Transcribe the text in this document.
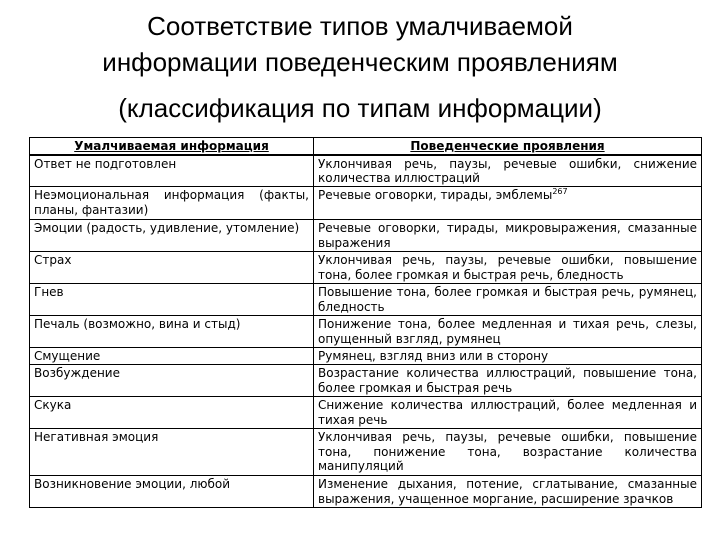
Соответствие типов умалчиваемой
информации поведенческим проявлениям
(классификация по типам информации)
Умалчиваемая информация	Поведенческие проявления
Ответ не подготовлен	Уклончивая речь, паузы, речевые ошибки, снижение количества иллюстраций
Неэмоциональная информация (факты, планы, фантазии)	Речевые оговорки, тирады, эмблемы$^{267}$
Эмоции (радость, удивление, утомление)	Речевые оговорки, тирады, микровыражения, смазанные выражения
Страх	Уклончивая речь, паузы, речевые ошибки, повышение тона, более громкая и быстрая речь, бледность
Гнев	Повышение тона, более громкая и быстрая речь, румянец, бледность
Печаль (возможно, вина и стыд)	Понижение тона, более медленная и тихая речь, слезы, опущенный взгляд, румянец
Смущение	Румянец, взгляд вниз или в сторону
Возбуждение	Возрастание количества иллюстраций, повышение тона, более громкая и быстрая речь
Скука	Снижение количества иллюстраций, более медленная и тихая речь
Негативная эмоция	Уклончивая речь, паузы, речевые ошибки, повышение тона, понижение тона, возрастание количества манипуляций
Возникновение эмоции, любой	Изменение дыхания, потение, сглатывание, смазанные выражения, учащенное моргание, расширение зрачков
